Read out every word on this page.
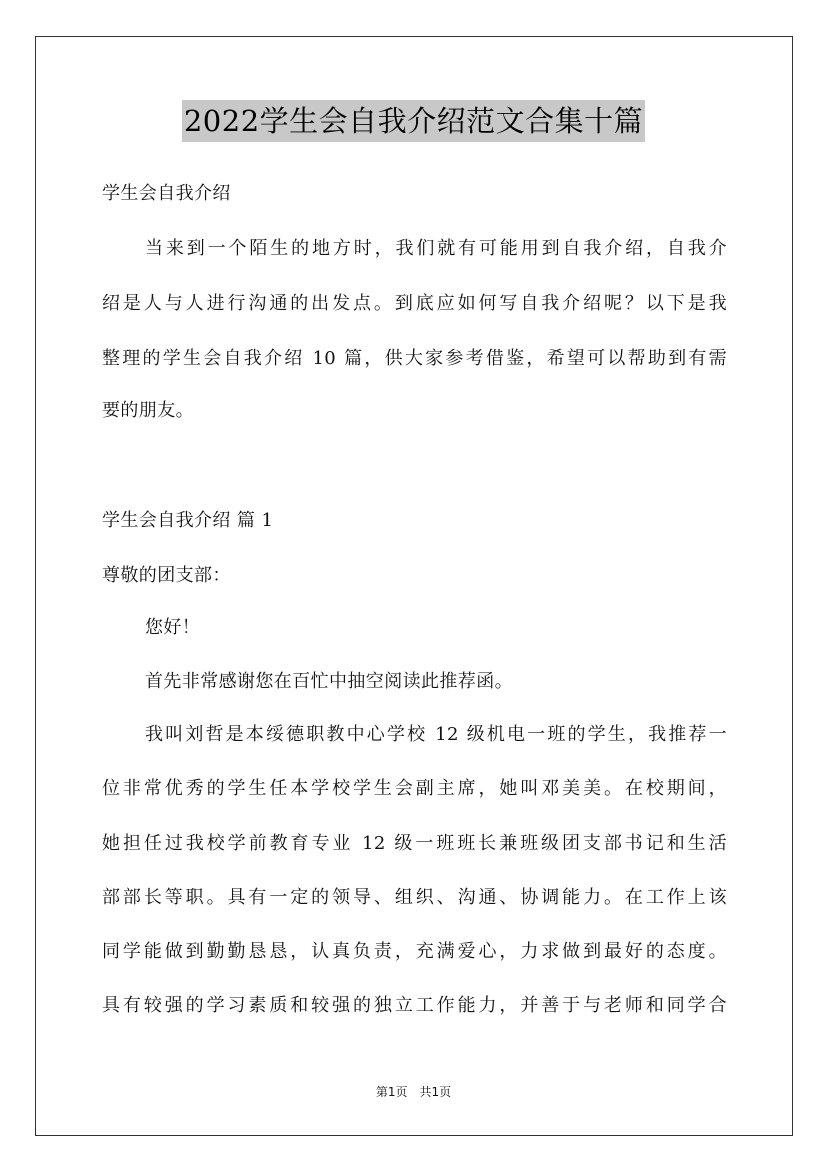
2022学生会自我介绍范文合集十篇
学生会自我介绍
当来到一个陌生的地方时，我们就有可能用到自我介绍，自我介
绍是人与人进行沟通的出发点。到底应如何写自我介绍呢？以下是我
整理的学生会自我介绍 10 篇，供大家参考借鉴，希望可以帮助到有需
要的朋友。
学生会自我介绍 篇 1
尊敬的团支部：
您好！
首先非常感谢您在百忙中抽空阅读此推荐函。
我叫刘哲是本绥德职教中心学校 12 级机电一班的学生，我推荐一
位非常优秀的学生任本学校学生会副主席，她叫邓美美。在校期间，
她担任过我校学前教育专业 12 级一班班长兼班级团支部书记和生活
部部长等职。具有一定的领导、组织、沟通、协调能力。在工作上该
同学能做到勤勤恳恳，认真负责，充满爱心，力求做到最好的态度。
具有较强的学习素质和较强的独立工作能力，并善于与老师和同学合
第1页 共1页
